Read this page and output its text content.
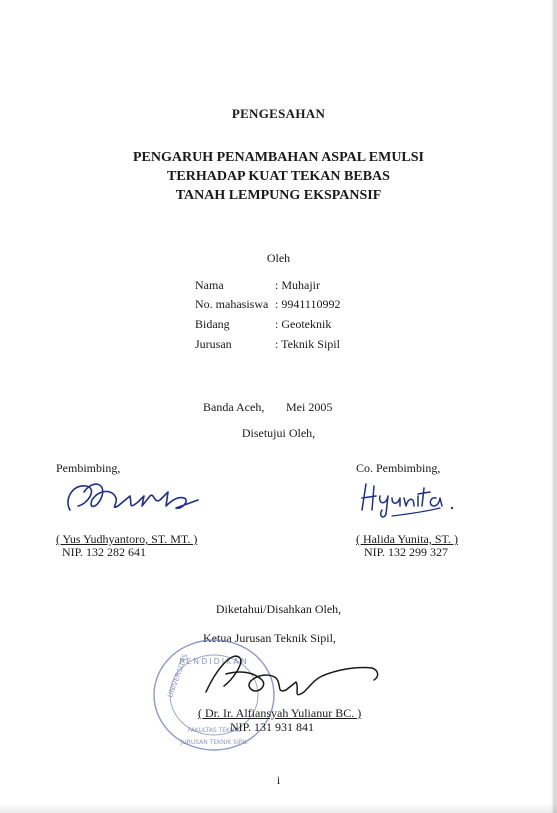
PENGESAHAN
PENGARUH PENAMBAHAN ASPAL EMULSI
TERHADAP KUAT TEKAN BEBAS
TANAH LEMPUNG EKSPANSIF
Oleh
Nama	: Muhajir
No. mahasiswa : 9941110992
Bidang	: Geoteknik
Jurusan	: Teknik Sipil
Banda Aceh, Mei 2005
Disetujui Oleh,
Pembimbing,
( Yus Yudhyantoro, ST. MT. )
NIP. 132 282 641
Co. Pembimbing,
( Halida Yunita, ST. )
NIP. 132 299 327
Diketahui/Disahkan Oleh,
Ketua Jurusan Teknik Sipil,
PENDIDIKAN
UNIVERSITAS
FAKULTAS TEKNIK
JURUSAN TEKNIK SIPIL
( Dr. Ir. Alfiansyah Yulianur BC. )
NIP. 131 931 841
i
